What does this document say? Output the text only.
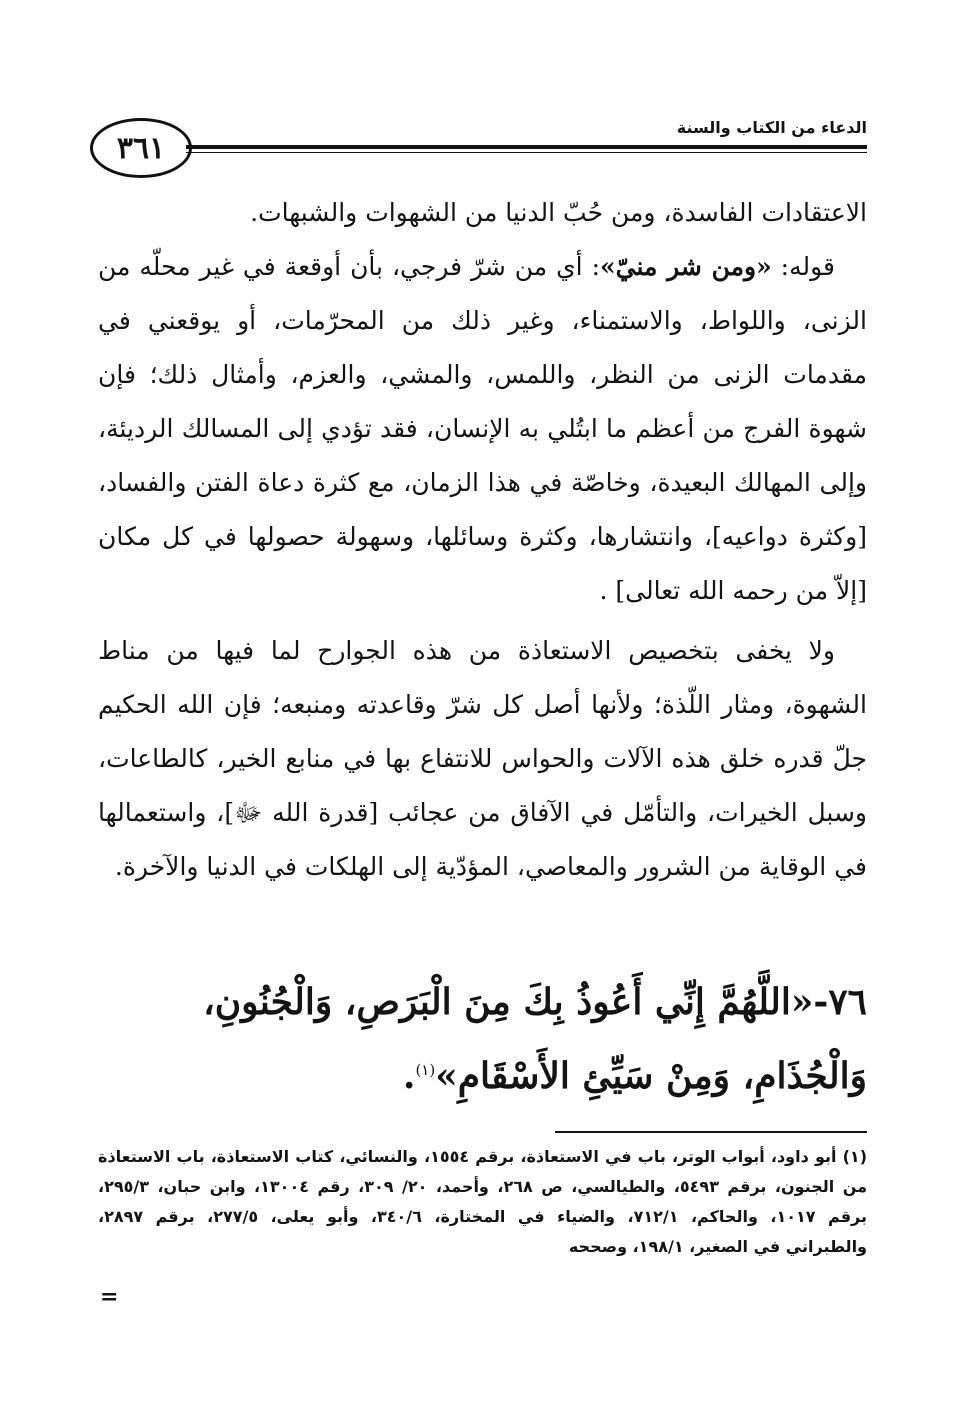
٣٦١
الدعاء من الكتاب والسنة

الاعتقادات الفاسدة، ومن حُبّ الدنيا من الشهوات والشبهات.

قوله: «ومن شر منيّ»: أي من شرّ فرجي، بأن أوقعة في غير محلّه من الزنى، واللواط، والاستمناء، وغير ذلك من المحرّمات، أو يوقعني في مقدمات الزنى من النظر، واللمس، والمشي، والعزم، وأمثال ذلك؛ فإن شهوة الفرج من أعظم ما ابتُلي به الإنسان، فقد تؤدي إلى المسالك الرديئة، وإلى المهالك البعيدة، وخاصّة في هذا الزمان، مع كثرة دعاة الفتن والفساد، [وكثرة دواعيه]، وانتشارها، وكثرة وسائلها، وسهولة حصولها في كل مكان [إلاّ من رحمه الله تعالى] .

ولا يخفى بتخصيص الاستعاذة من هذه الجوارح لما فيها من مناط الشهوة، ومثار اللّذة؛ ولأنها أصل كل شرّ وقاعدته ومنبعه؛ فإن الله الحكيم جلّ قدره خلق هذه الآلات والحواس للانتفاع بها في منابع الخير، كالطاعات، وسبل الخيرات، والتأمّل في الآفاق من عجائب [قدرة الله ﷻ]، واستعمالها في الوقاية من الشرور والمعاصي، المؤدّية إلى الهلكات في الدنيا والآخرة.

٧٦-«اللَّهُمَّ إِنِّي أَعُوذُ بِكَ مِنَ الْبَرَصِ، وَالْجُنُونِ، وَالْجُذَامِ، وَمِنْ سَيِّئِ الأَسْقَامِ»$^{(١)}$.

(١) أبو داود، أبواب الوتر، باب في الاستعاذة، برقم ١٥٥٤، والنسائي، كتاب الاستعاذة، باب الاستعاذة من الجنون، برقم ٥٤٩٣، والطيالسي، ص ٢٦٨، وأحمد، ٢٠/ ٣٠٩، رقم ١٣٠٠٤، وابن حبان، ٢٩٥/٣، برقم ١٠١٧، والحاكم، ٧١٢/١، والضياء في المختارة، ٣٤٠/٦، وأبو يعلى، ٢٧٧/٥، برقم ٢٨٩٧، والطبراني في الصغير، ١٩٨/١، وصححه

=
